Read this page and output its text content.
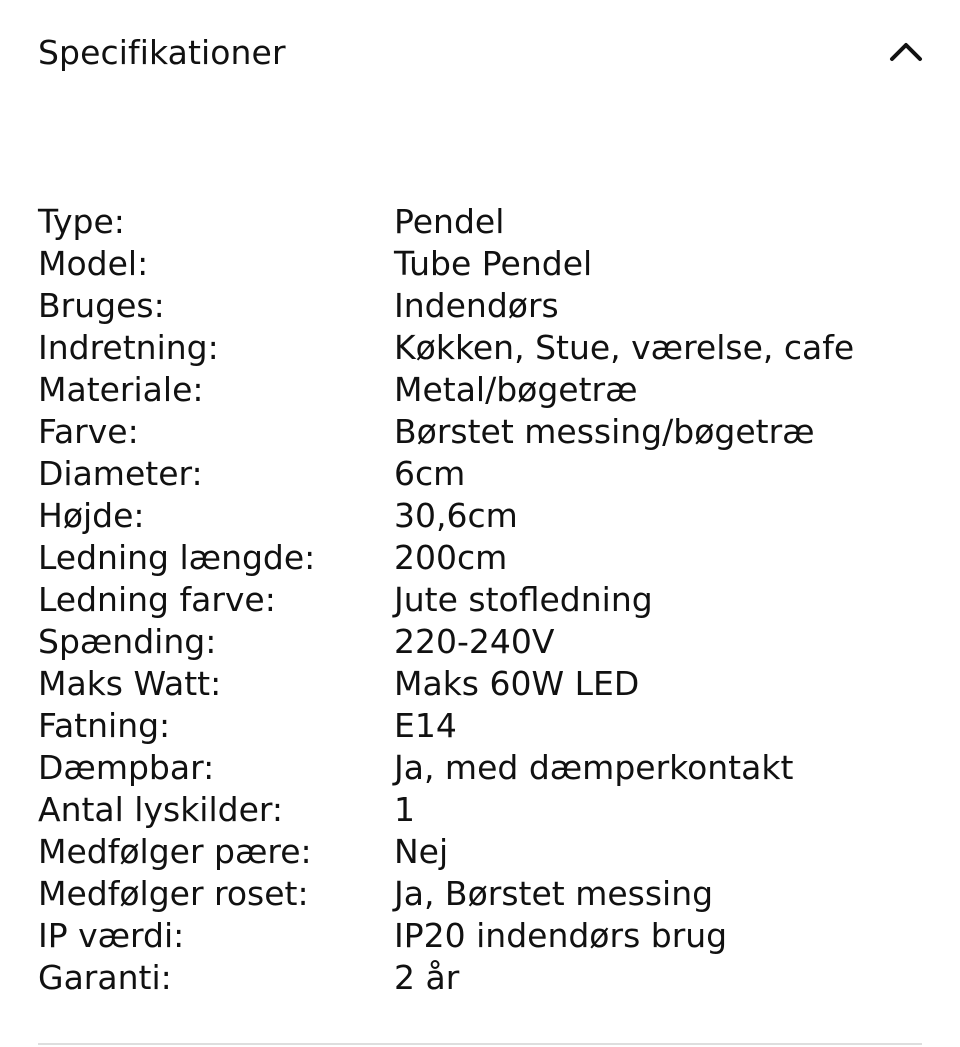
Specifikationer
Type:	Pendel
Model:	Tube Pendel
Bruges:	Indendørs
Indretning:	Køkken, Stue, værelse, cafe
Materiale:	Metal/bøgetræ
Farve:	Børstet messing/bøgetræ
Diameter:	6cm
Højde:	30,6cm
Ledning længde:	200cm
Ledning farve:	Jute stofledning
Spænding:	220-240V
Maks Watt:	Maks 60W LED
Fatning:	E14
Dæmpbar:	Ja, med dæmperkontakt
Antal lyskilder:	1
Medfølger pære:	Nej
Medfølger roset:	Ja, Børstet messing
IP værdi:	IP20 indendørs brug
Garanti:	2 år
